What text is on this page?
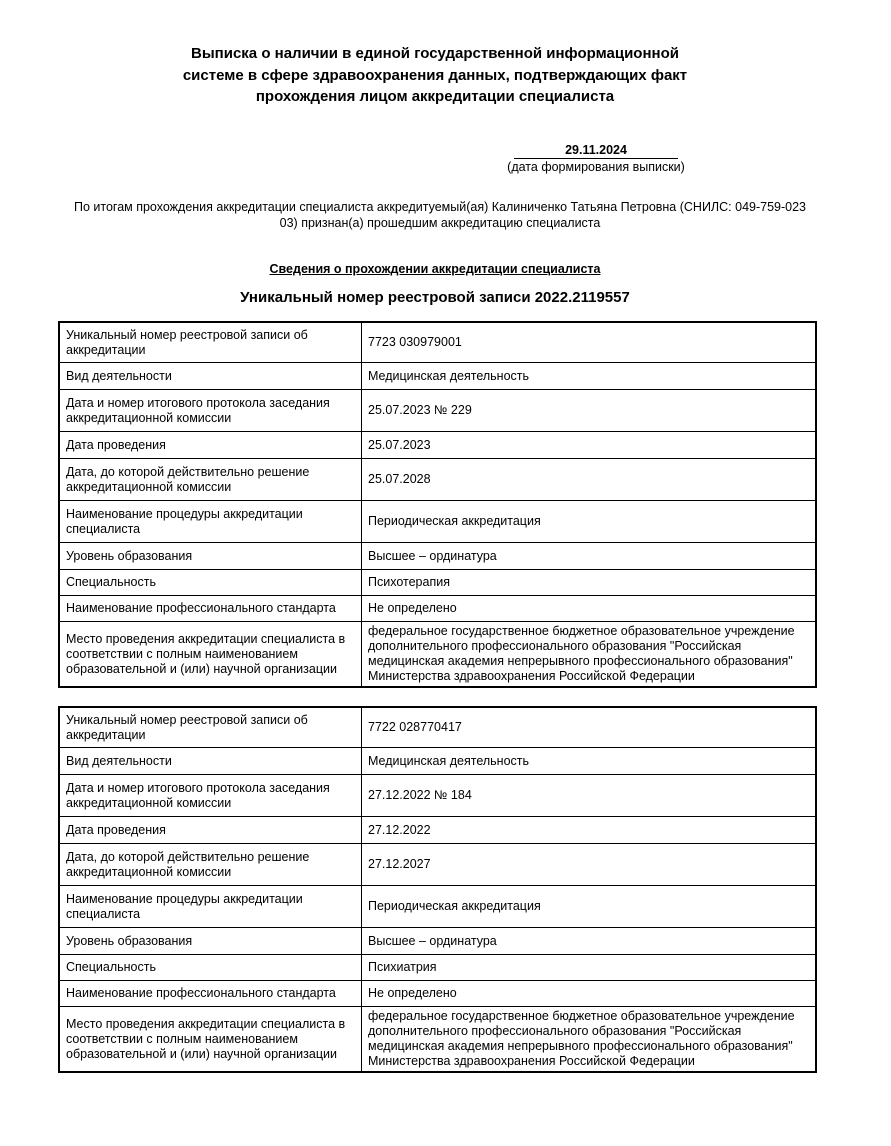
Выписка о наличии в единой государственной информационной
системе в сфере здравоохранения данных, подтверждающих факт
прохождения лицом аккредитации специалиста
29.11.2024
(дата формирования выписки)
По итогам прохождения аккредитации специалиста аккредитуемый(ая) Калиниченко Татьяна Петровна (СНИЛС: 049-759-023
03) признан(а) прошедшим аккредитацию специалиста
Сведения о прохождении аккредитации специалиста
Уникальный номер реестровой записи 2022.2119557
Уникальный номер реестровой записи об аккредитации	7723 030979001
Вид деятельности	Медицинская деятельность
Дата и номер итогового протокола заседания аккредитационной комиссии	25.07.2023 № 229
Дата проведения	25.07.2023
Дата, до которой действительно решение аккредитационной комиссии	25.07.2028
Наименование процедуры аккредитации специалиста	Периодическая аккредитация
Уровень образования	Высшее – ординатура
Специальность	Психотерапия
Наименование профессионального стандарта	Не определено
Место проведения аккредитации специалиста в соответствии с полным наименованием образовательной и (или) научной организации	федеральное государственное бюджетное образовательное учреждение дополнительного профессионального образования "Российская медицинская академия непрерывного профессионального образования" Министерства здравоохранения Российской Федерации
Уникальный номер реестровой записи об аккредитации	7722 028770417
Вид деятельности	Медицинская деятельность
Дата и номер итогового протокола заседания аккредитационной комиссии	27.12.2022 № 184
Дата проведения	27.12.2022
Дата, до которой действительно решение аккредитационной комиссии	27.12.2027
Наименование процедуры аккредитации специалиста	Периодическая аккредитация
Уровень образования	Высшее – ординатура
Специальность	Психиатрия
Наименование профессионального стандарта	Не определено
Место проведения аккредитации специалиста в соответствии с полным наименованием образовательной и (или) научной организации	федеральное государственное бюджетное образовательное учреждение дополнительного профессионального образования "Российская медицинская академия непрерывного профессионального образования" Министерства здравоохранения Российской Федерации
